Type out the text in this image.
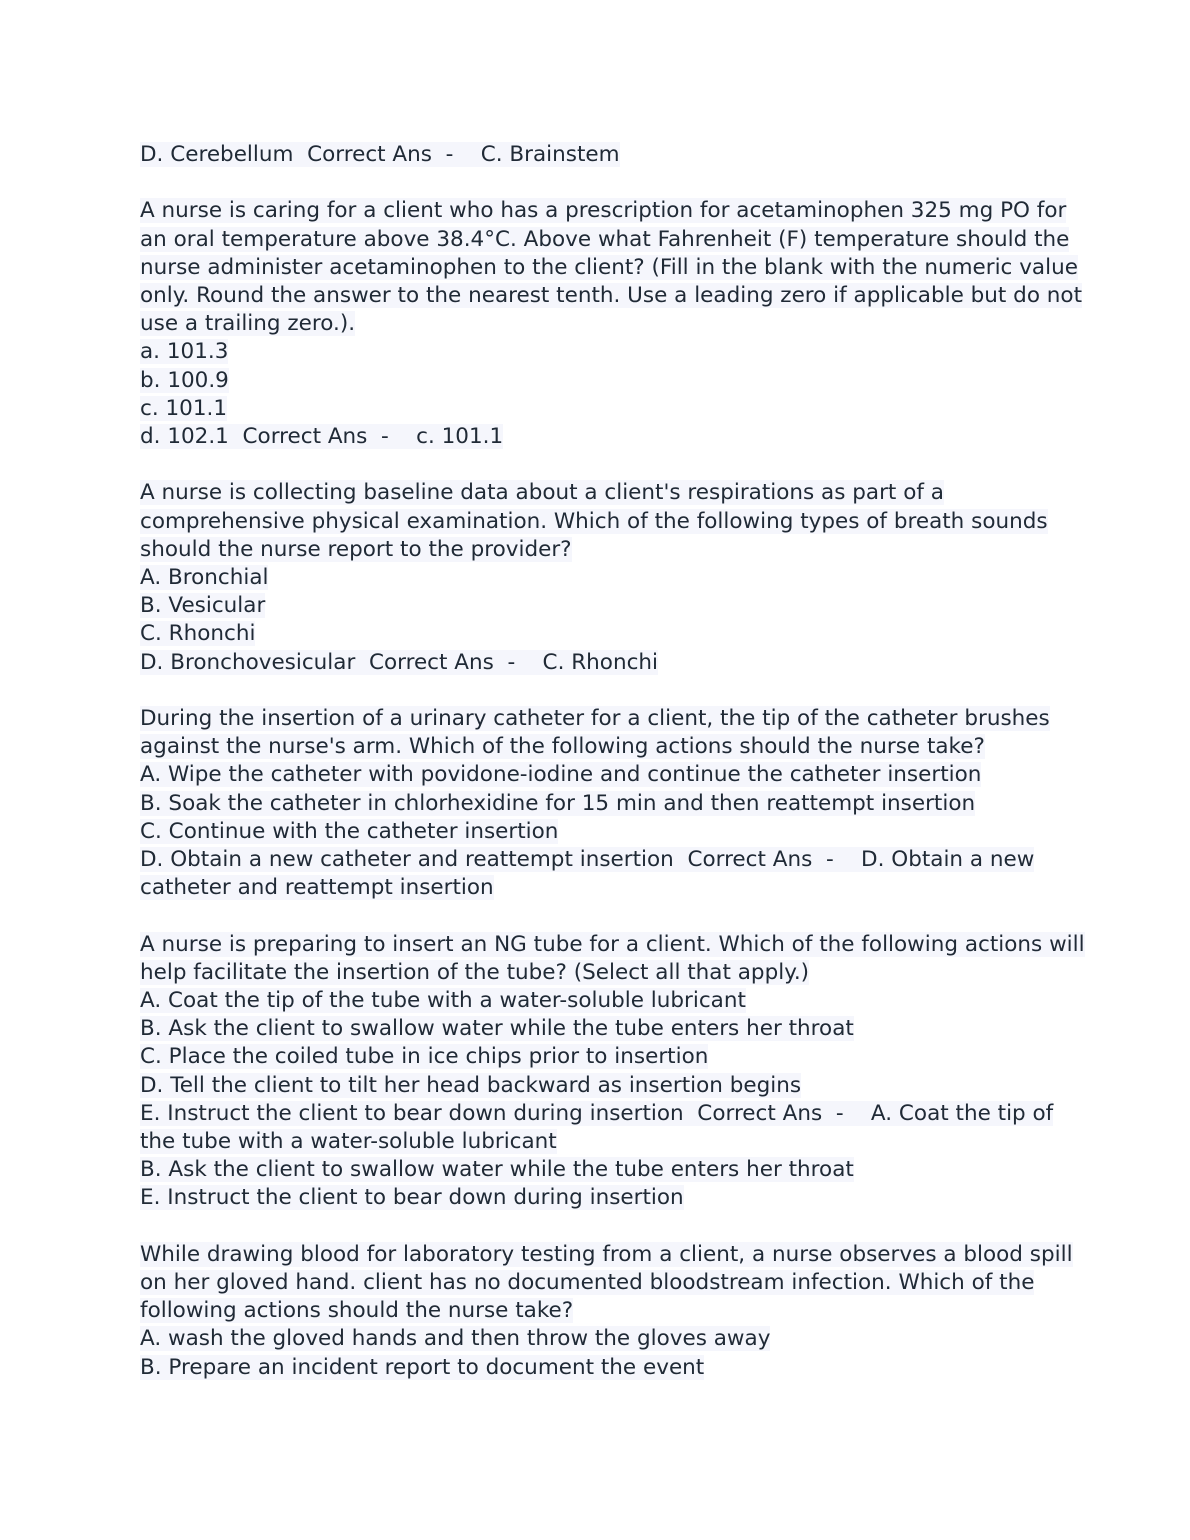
D. Cerebellum  Correct Ans  -    C. Brainstem
A nurse is caring for a client who has a prescription for acetaminophen 325 mg PO for
an oral temperature above 38.4°C. Above what Fahrenheit (F) temperature should the
nurse administer acetaminophen to the client? (Fill in the blank with the numeric value
only. Round the answer to the nearest tenth. Use a leading zero if applicable but do not
use a trailing zero.).
a. 101.3
b. 100.9
c. 101.1
d. 102.1  Correct Ans  -    c. 101.1
A nurse is collecting baseline data about a client's respirations as part of a
comprehensive physical examination. Which of the following types of breath sounds
should the nurse report to the provider?
A. Bronchial
B. Vesicular
C. Rhonchi
D. Bronchovesicular  Correct Ans  -    C. Rhonchi
During the insertion of a urinary catheter for a client, the tip of the catheter brushes
against the nurse's arm. Which of the following actions should the nurse take?
A. Wipe the catheter with povidone-iodine and continue the catheter insertion
B. Soak the catheter in chlorhexidine for 15 min and then reattempt insertion
C. Continue with the catheter insertion
D. Obtain a new catheter and reattempt insertion  Correct Ans  -    D. Obtain a new
catheter and reattempt insertion
A nurse is preparing to insert an NG tube for a client. Which of the following actions will
help facilitate the insertion of the tube? (Select all that apply.)
A. Coat the tip of the tube with a water-soluble lubricant
B. Ask the client to swallow water while the tube enters her throat
C. Place the coiled tube in ice chips prior to insertion
D. Tell the client to tilt her head backward as insertion begins
E. Instruct the client to bear down during insertion  Correct Ans  -    A. Coat the tip of
the tube with a water-soluble lubricant
B. Ask the client to swallow water while the tube enters her throat
E. Instruct the client to bear down during insertion
While drawing blood for laboratory testing from a client, a nurse observes a blood spill
on her gloved hand. client has no documented bloodstream infection. Which of the
following actions should the nurse take?
A. wash the gloved hands and then throw the gloves away
B. Prepare an incident report to document the event
